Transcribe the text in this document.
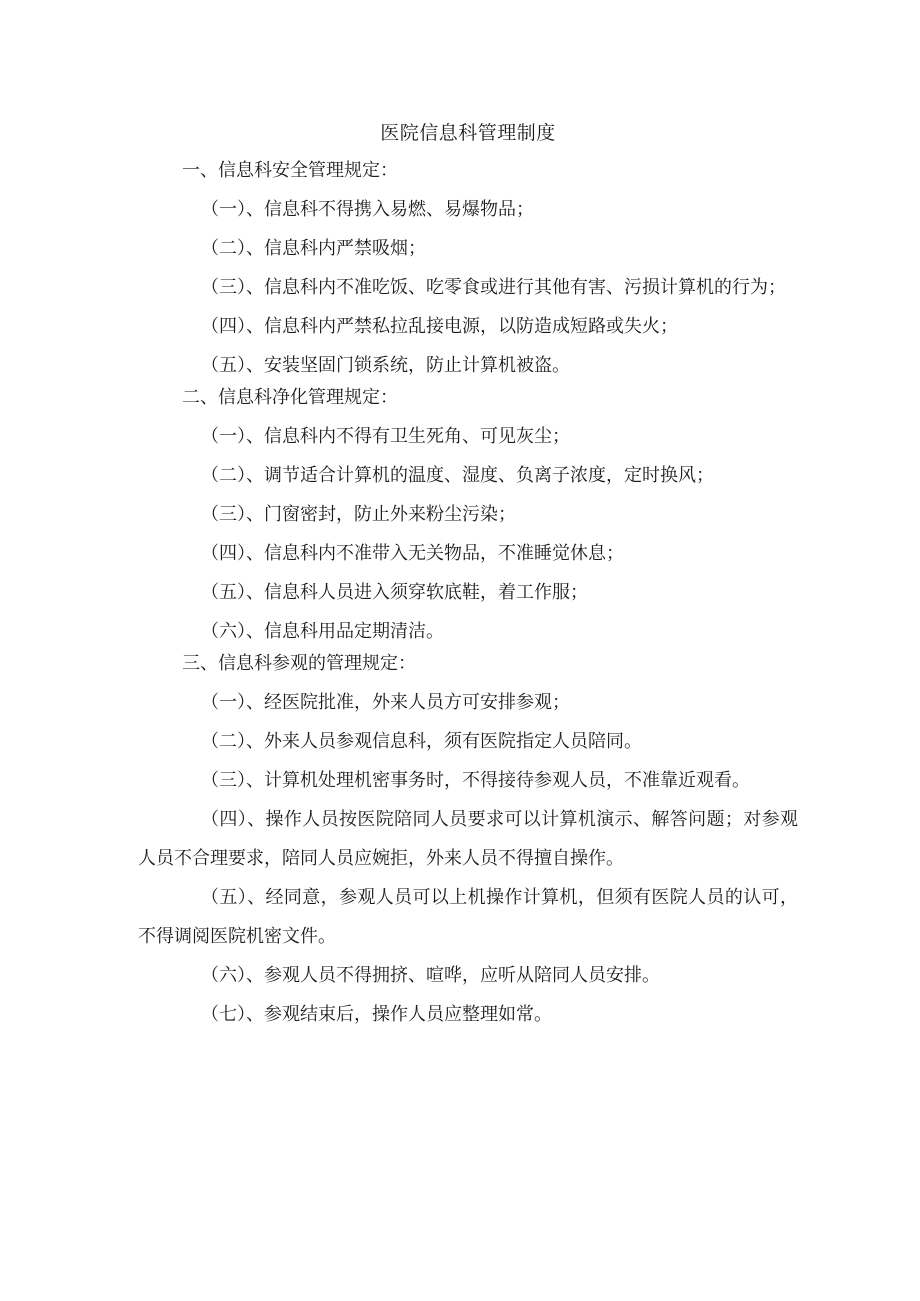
医院信息科管理制度
一、信息科安全管理规定：

（一）、信息科不得携入易燃、易爆物品；

（二）、信息科内严禁吸烟；

（三）、信息科内不准吃饭、吃零食或进行其他有害、污损计算机的行为；

（四）、信息科内严禁私拉乱接电源，以防造成短路或失火；

（五）、安装坚固门锁系统，防止计算机被盗。

二、信息科净化管理规定：

（一）、信息科内不得有卫生死角、可见灰尘；

（二）、调节适合计算机的温度、湿度、负离子浓度，定时换风；

（三）、门窗密封，防止外来粉尘污染；

（四）、信息科内不准带入无关物品，不准睡觉休息；

（五）、信息科人员进入须穿软底鞋，着工作服；

（六）、信息科用品定期清洁。

三、信息科参观的管理规定：

（一）、经医院批准，外来人员方可安排参观；

（二）、外来人员参观信息科，须有医院指定人员陪同。

（三）、计算机处理机密事务时，不得接待参观人员，不准靠近观看。

（四）、操作人员按医院陪同人员要求可以计算机演示、解答问题；对参观人员不合理要求，陪同人员应婉拒，外来人员不得擅自操作。

（五）、经同意，参观人员可以上机操作计算机，但须有医院人员的认可，不得调阅医院机密文件。

（六）、参观人员不得拥挤、喧哗，应听从陪同人员安排。

（七）、参观结束后，操作人员应整理如常。
